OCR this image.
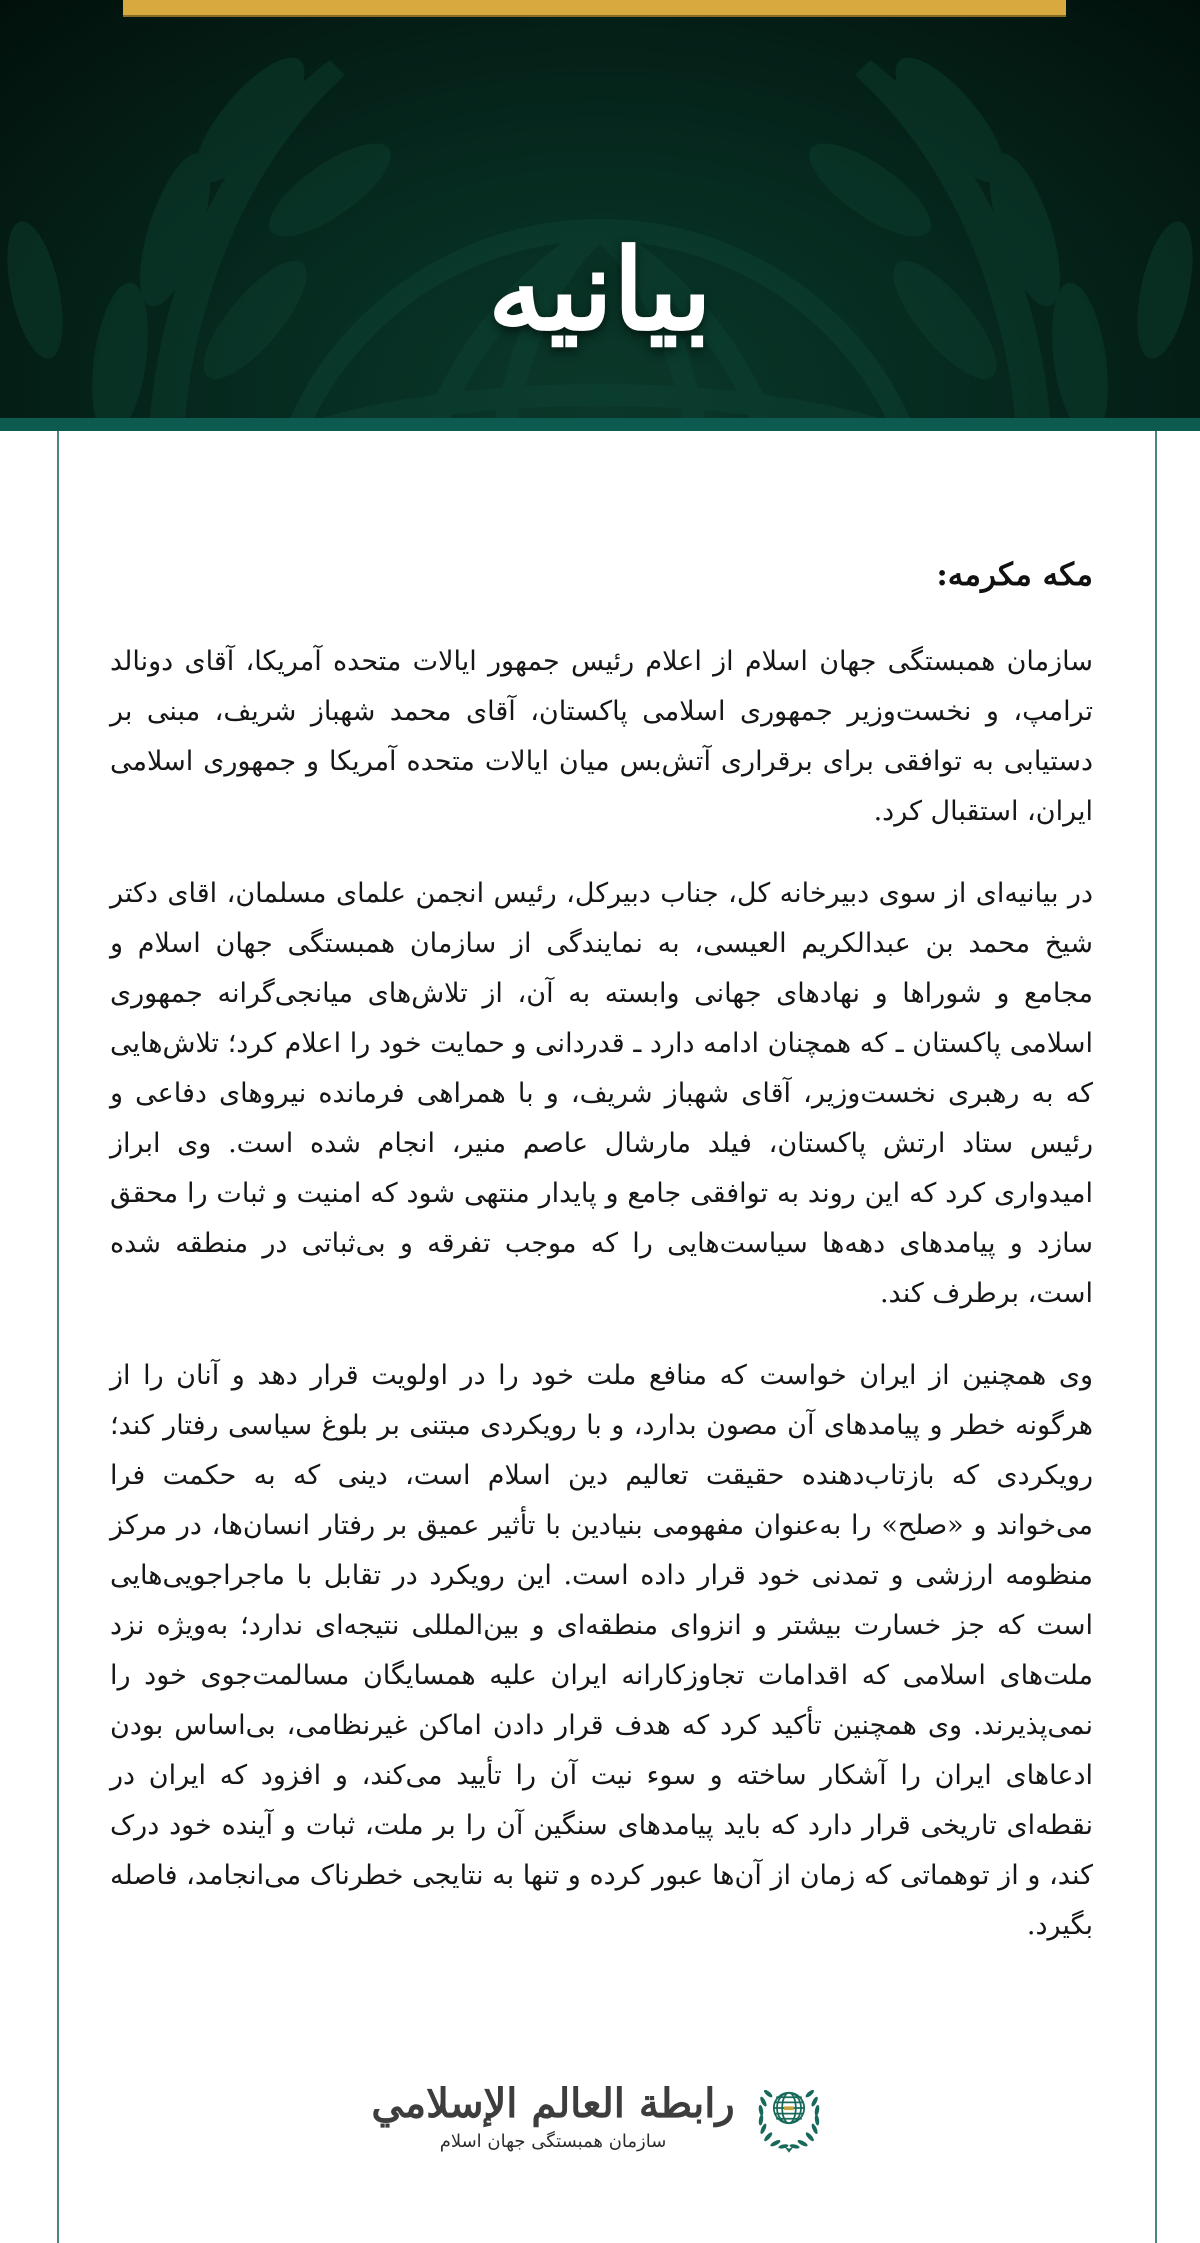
بیانیه
مکه مکرمه:

سازمان همبستگی جهان اسلام از اعلام رئیس جمهور ایالات متحده آمریکا، آقای دونالد ترامپ، و نخست‌وزیر جمهوری اسلامی پاکستان، آقای محمد شهباز شریف، مبنی بر دستیابی به توافقی برای برقراری آتش‌بس میان ایالات متحده آمریکا و جمهوری اسلامی ایران، استقبال کرد.

در بیانیه‌ای از سوی دبیرخانه کل، جناب دبیرکل، رئیس انجمن علمای مسلمان، اقای دکتر شیخ محمد بن عبدالکریم العیسی، به نمایندگی از سازمان همبستگی جهان اسلام و مجامع و شوراها و نهادهای جهانی وابسته به آن، از تلاش‌های میانجی‌گرانه جمهوری اسلامی پاکستان ـ که همچنان ادامه دارد ـ قدردانی و حمایت خود را اعلام کرد؛ تلاش‌هایی که به رهبری نخست‌وزیر، آقای شهباز شریف، و با همراهی فرمانده نیروهای دفاعی و رئیس ستاد ارتش پاکستان، فیلد مارشال عاصم منیر، انجام شده است. وی ابراز امیدواری کرد که این روند به توافقی جامع و پایدار منتهی شود که امنیت و ثبات را محقق سازد و پیامدهای دهه‌ها سیاست‌هایی را که موجب تفرقه و بی‌ثباتی در منطقه شده است، برطرف کند.

وی همچنین از ایران خواست که منافع ملت خود را در اولویت قرار دهد و آنان را از هرگونه خطر و پیامدهای آن مصون بدارد، و با رویکردی مبتنی بر بلوغ سیاسی رفتار کند؛ رویکردی که بازتاب‌دهنده حقیقت تعالیم دین اسلام است، دینی که به حکمت فرا می‌خواند و «صلح» را به‌عنوان مفهومی بنیادین با تأثیر عمیق بر رفتار انسان‌ها، در مرکز منظومه ارزشی و تمدنی خود قرار داده است. این رویکرد در تقابل با ماجراجویی‌هایی است که جز خسارت بیشتر و انزوای منطقه‌ای و بین‌المللی نتیجه‌ای ندارد؛ به‌ویژه نزد ملت‌های اسلامی که اقدامات تجاوزکارانه ایران علیه همسایگان مسالمت‌جوی خود را نمی‌پذیرند. وی همچنین تأکید کرد که هدف قرار دادن اماکن غیرنظامی، بی‌اساس بودن ادعاهای ایران را آشکار ساخته و سوء نیت آن را تأیید می‌کند، و افزود که ایران در نقطه‌ای تاریخی قرار دارد که باید پیامدهای سنگین آن را بر ملت، ثبات و آینده خود درک کند، و از توهماتی که زمان از آن‌ها عبور کرده و تنها به نتایجی خطرناک می‌انجامد، فاصله بگیرد.

رابطة العالم الإسلامي
سازمان همبستگی جهان اسلام
